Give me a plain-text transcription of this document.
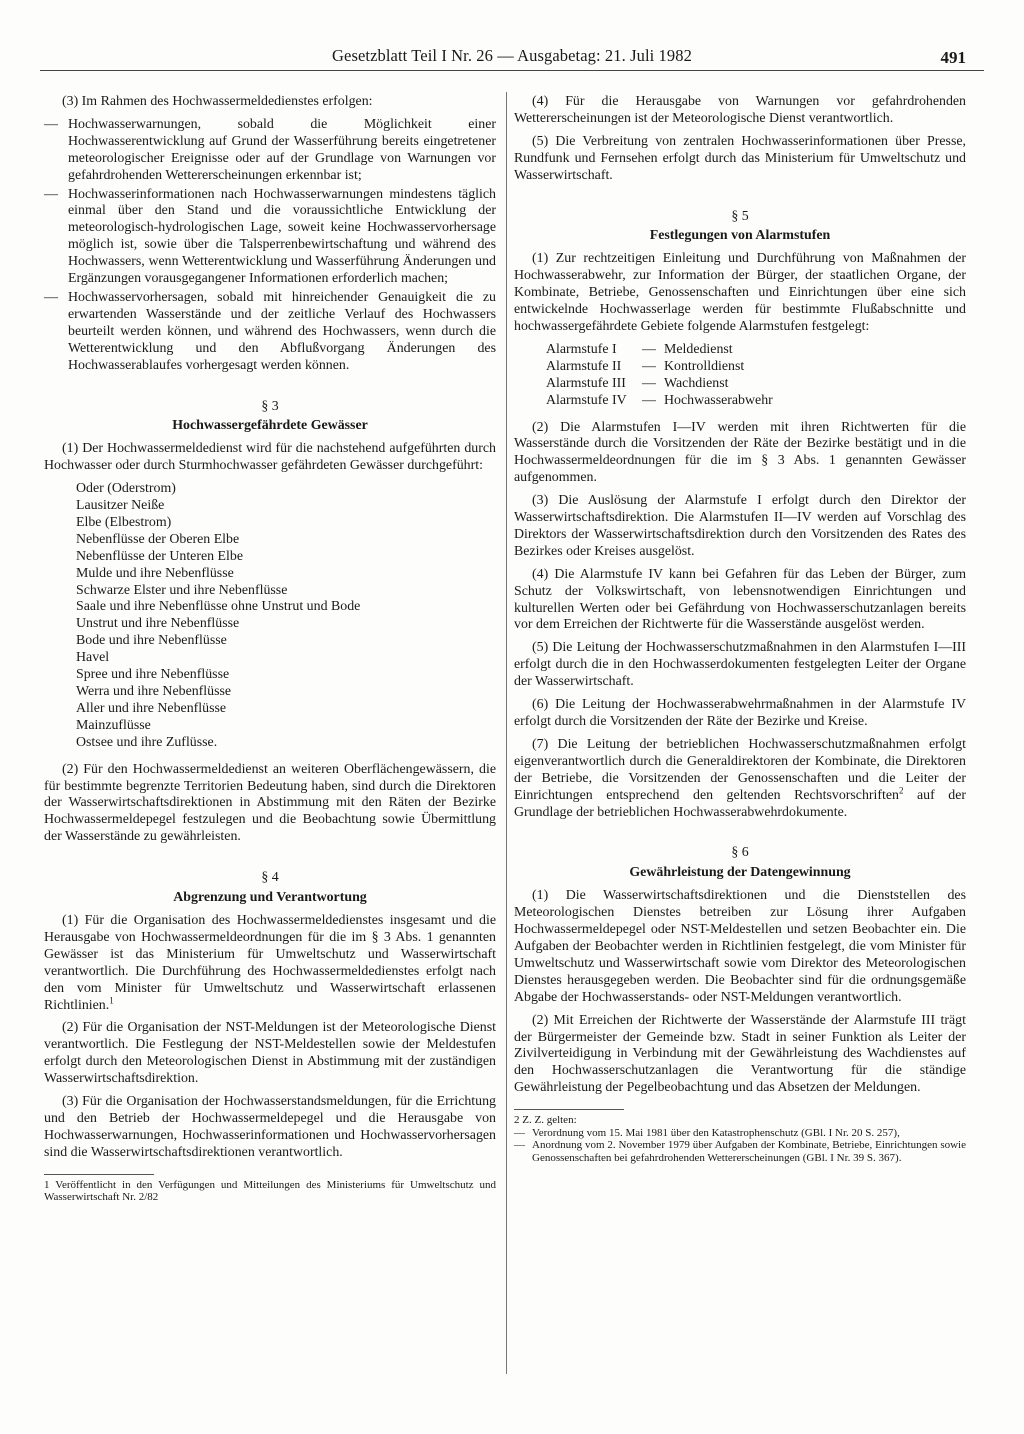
Gesetzblatt Teil I Nr. 26 — Ausgabetag: 21. Juli 1982	491

(3) Im Rahmen des Hochwassermeldedienstes erfolgen:

— Hochwasserwarnungen, sobald die Möglichkeit einer Hochwasserentwicklung auf Grund der Wasserführung bereits eingetretener meteorologischer Ereignisse oder auf der Grundlage von Warnungen vor gefahrdrohenden Wettererscheinungen erkennbar ist;
— Hochwasserinformationen nach Hochwasserwarnungen mindestens täglich einmal über den Stand und die voraussichtliche Entwicklung der meteorologisch-hydrologischen Lage, soweit keine Hochwasservorhersage möglich ist, sowie über die Talsperrenbewirtschaftung und während des Hochwassers, wenn Wetterentwicklung und Wasserführung Änderungen und Ergänzungen vorausgegangener Informationen erforderlich machen;
— Hochwasservorhersagen, sobald mit hinreichender Genauigkeit die zu erwartenden Wasserstände und der zeitliche Verlauf des Hochwassers beurteilt werden können, und während des Hochwassers, wenn durch die Wetterentwicklung und den Abflußvorgang Änderungen des Hochwasserablaufes vorhergesagt werden können.
§ 3
Hochwassergefährdete Gewässer

(1) Der Hochwassermeldedienst wird für die nachstehend aufgeführten durch Hochwasser oder durch Sturmhochwasser gefährdeten Gewässer durchgeführt:

Oder (Oderstrom)
Lausitzer Neiße
Elbe (Elbestrom)
Nebenflüsse der Oberen Elbe
Nebenflüsse der Unteren Elbe
Mulde und ihre Nebenflüsse
Schwarze Elster und ihre Nebenflüsse
Saale und ihre Nebenflüsse ohne Unstrut und Bode
Unstrut und ihre Nebenflüsse
Bode und ihre Nebenflüsse
Havel
Spree und ihre Nebenflüsse
Werra und ihre Nebenflüsse
Aller und ihre Nebenflüsse
Mainzuflüsse
Ostsee und ihre Zuflüsse.

(2) Für den Hochwassermeldedienst an weiteren Oberflächengewässern, die für bestimmte begrenzte Territorien Bedeutung haben, sind durch die Direktoren der Wasserwirtschaftsdirektionen in Abstimmung mit den Räten der Bezirke Hochwassermeldepegel festzulegen und die Beobachtung sowie Übermittlung der Wasserstände zu gewährleisten.

§ 4
Abgrenzung und Verantwortung

(1) Für die Organisation des Hochwassermeldedienstes insgesamt und die Herausgabe von Hochwassermeldeordnungen für die im § 3 Abs. 1 genannten Gewässer ist das Ministerium für Umweltschutz und Wasserwirtschaft verantwortlich. Die Durchführung des Hochwassermeldedienstes erfolgt nach den vom Minister für Umweltschutz und Wasserwirtschaft erlassenen Richtlinien.$^1$

(2) Für die Organisation der NST-Meldungen ist der Meteorologische Dienst verantwortlich. Die Festlegung der NST-Meldestellen sowie der Meldestufen erfolgt durch den Meteorologischen Dienst in Abstimmung mit der zuständigen Wasserwirtschaftsdirektion.

(3) Für die Organisation der Hochwasserstandsmeldungen, für die Errichtung und den Betrieb der Hochwassermeldepegel und die Herausgabe von Hochwasserwarnungen, Hochwasserinformationen und Hochwasservorhersagen sind die Wasserwirtschaftsdirektionen verantwortlich.

1 Veröffentlicht in den Verfügungen und Mitteilungen des Ministeriums für Umweltschutz und Wasserwirtschaft Nr. 2/82

(4) Für die Herausgabe von Warnungen vor gefahrdrohenden Wettererscheinungen ist der Meteorologische Dienst verantwortlich.

(5) Die Verbreitung von zentralen Hochwasserinformationen über Presse, Rundfunk und Fernsehen erfolgt durch das Ministerium für Umweltschutz und Wasserwirtschaft.

§ 5
Festlegungen von Alarmstufen

(1) Zur rechtzeitigen Einleitung und Durchführung von Maßnahmen der Hochwasserabwehr, zur Information der Bürger, der staatlichen Organe, der Kombinate, Betriebe, Genossenschaften und Einrichtungen über eine sich entwickelnde Hochwasserlage werden für bestimmte Flußabschnitte und hochwassergefährdete Gebiete folgende Alarmstufen festgelegt:

Alarmstufe I	— Meldedienst
Alarmstufe II	— Kontrolldienst
Alarmstufe III	— Wachdienst
Alarmstufe IV	— Hochwasserabwehr

(2) Die Alarmstufen I—IV werden mit ihren Richtwerten für die Wasserstände durch die Vorsitzenden der Räte der Bezirke bestätigt und in die Hochwassermeldeordnungen für die im § 3 Abs. 1 genannten Gewässer aufgenommen.

(3) Die Auslösung der Alarmstufe I erfolgt durch den Direktor der Wasserwirtschaftsdirektion. Die Alarmstufen II—IV werden auf Vorschlag des Direktors der Wasserwirtschaftsdirektion durch den Vorsitzenden des Rates des Bezirkes oder Kreises ausgelöst.

(4) Die Alarmstufe IV kann bei Gefahren für das Leben der Bürger, zum Schutz der Volkswirtschaft, von lebensnotwendigen Einrichtungen und kulturellen Werten oder bei Gefährdung von Hochwasserschutzanlagen bereits vor dem Erreichen der Richtwerte für die Wasserstände ausgelöst werden.

(5) Die Leitung der Hochwasserschutzmaßnahmen in den Alarmstufen I—III erfolgt durch die in den Hochwasserdokumenten festgelegten Leiter der Organe der Wasserwirtschaft.

(6) Die Leitung der Hochwasserabwehrmaßnahmen in der Alarmstufe IV erfolgt durch die Vorsitzenden der Räte der Bezirke und Kreise.

(7) Die Leitung der betrieblichen Hochwasserschutzmaßnahmen erfolgt eigenverantwortlich durch die Generaldirektoren der Kombinate, die Direktoren der Betriebe, die Vorsitzenden der Genossenschaften und die Leiter der Einrichtungen entsprechend den geltenden Rechtsvorschriften$^2$ auf der Grundlage der betrieblichen Hochwasserabwehrdokumente.

§ 6
Gewährleistung der Datengewinnung

(1) Die Wasserwirtschaftsdirektionen und die Dienststellen des Meteorologischen Dienstes betreiben zur Lösung ihrer Aufgaben Hochwassermeldepegel oder NST-Meldestellen und setzen Beobachter ein. Die Aufgaben der Beobachter werden in Richtlinien festgelegt, die vom Minister für Umweltschutz und Wasserwirtschaft sowie vom Direktor des Meteorologischen Dienstes herausgegeben werden. Die Beobachter sind für die ordnungsgemäße Abgabe der Hochwasserstands- oder NST-Meldungen verantwortlich.

(2) Mit Erreichen der Richtwerte der Wasserstände der Alarmstufe III trägt der Bürgermeister der Gemeinde bzw. Stadt in seiner Funktion als Leiter der Zivilverteidigung in Verbindung mit der Gewährleistung des Wachdienstes auf den Hochwasserschutzanlagen die Verantwortung für die ständige Gewährleistung der Pegelbeobachtung und das Absetzen der Meldungen.

2 Z. Z. gelten:
— Verordnung vom 15. Mai 1981 über den Katastrophenschutz (GBl. I Nr. 20 S. 257),
— Anordnung vom 2. November 1979 über Aufgaben der Kombinate, Betriebe, Einrichtungen sowie Genossenschaften bei gefahrdrohenden Wettererscheinungen (GBl. I Nr. 39 S. 367).
